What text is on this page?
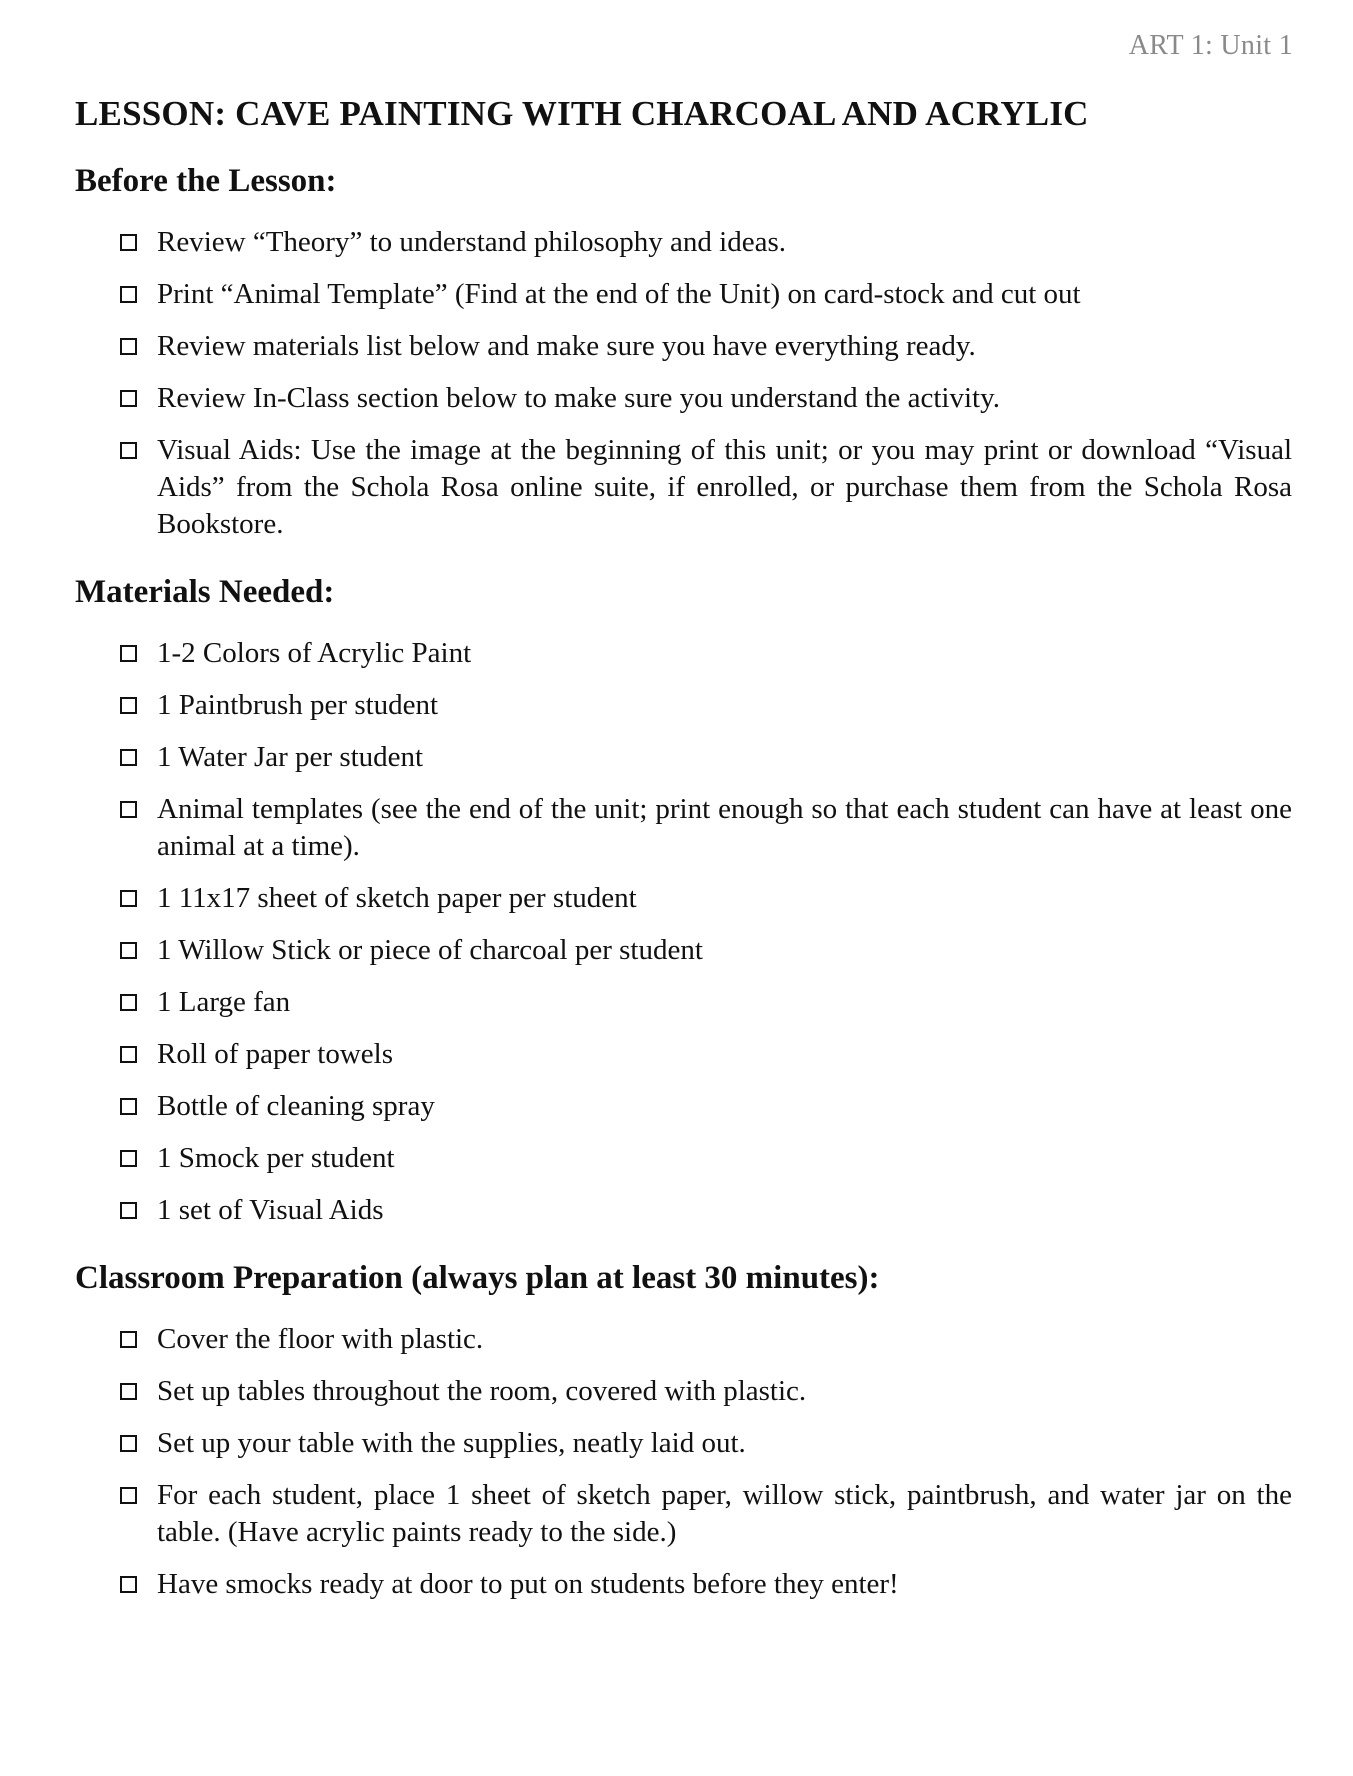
ART 1: Unit 1
LESSON: CAVE PAINTING WITH CHARCOAL AND ACRYLIC
Before the Lesson:
Review “Theory” to understand philosophy and ideas.
Print “Animal Template” (Find at the end of the Unit) on card-stock and cut out
Review materials list below and make sure you have everything ready.
Review In-Class section below to make sure you understand the activity.
Visual Aids: Use the image at the beginning of this unit; or you may print or download “Visual Aids” from the Schola Rosa online suite, if enrolled, or purchase them from the Schola Rosa Bookstore.
Materials Needed:
1-2 Colors of Acrylic Paint
1 Paintbrush per student
1 Water Jar per student
Animal templates (see the end of the unit; print enough so that each student can have at least one animal at a time).
1 11x17 sheet of sketch paper per student
1 Willow Stick or piece of charcoal per student
1 Large fan
Roll of paper towels
Bottle of cleaning spray
1 Smock per student
1 set of Visual Aids
Classroom Preparation (always plan at least 30 minutes):
Cover the floor with plastic.
Set up tables throughout the room, covered with plastic.
Set up your table with the supplies, neatly laid out.
For each student, place 1 sheet of sketch paper, willow stick, paintbrush, and water jar on the table. (Have acrylic paints ready to the side.)
Have smocks ready at door to put on students before they enter!
